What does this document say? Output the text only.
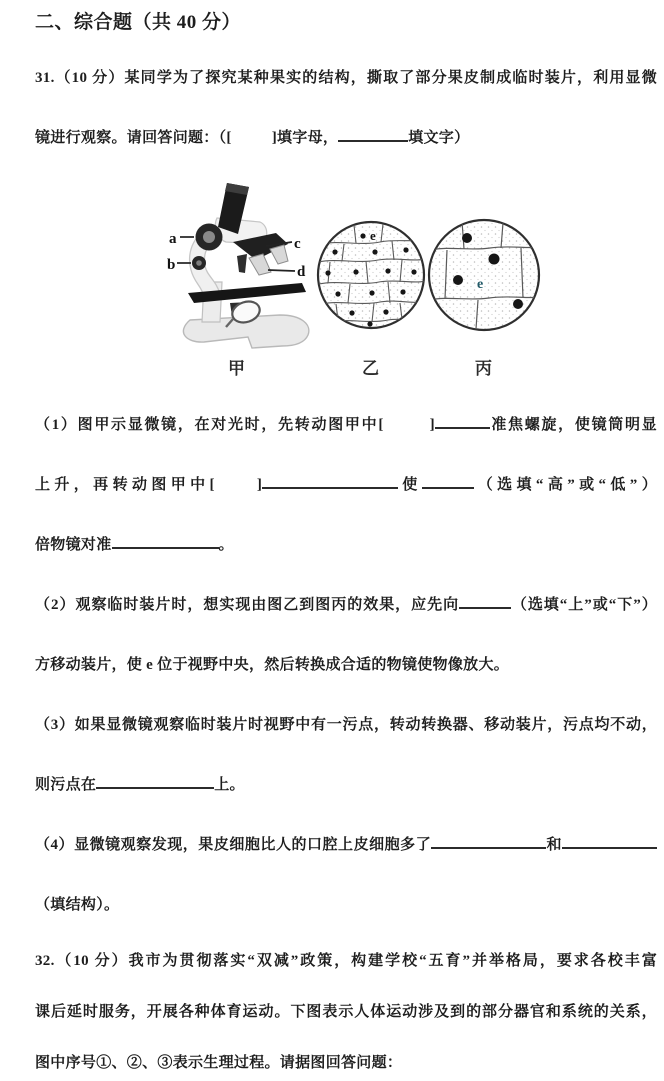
二、综合题（共 40 分）

31.（10 分）某同学为了探究某种果实的结构，撕取了部分果皮制成临时装片，利用显微

镜进行观察。请回答问题：（[	]填字母，	填文字）

a
b
c
d
e
e
甲	乙	丙

（1）图甲示显微镜，在对光时，先转动图甲中[	]	准焦螺旋，使镜筒明显

上升，再转动图甲中[	]	使	（选填“高”或“低”）

倍物镜对准	。

（2）观察临时装片时，想实现由图乙到图丙的效果，应先向	（选填“上”或“下”）

方移动装片，使 e 位于视野中央，然后转换成合适的物镜使物像放大。

（3）如果显微镜观察临时装片时视野中有一污点，转动转换器、移动装片，污点均不动，

则污点在	上。

（4）显微镜观察发现，果皮细胞比人的口腔上皮细胞多了	和

（填结构）。

32.（10 分）我市为贯彻落实“双减”政策，构建学校“五育”并举格局，要求各校丰富

课后延时服务，开展各种体育运动。下图表示人体运动涉及到的部分器官和系统的关系，

图中序号①、②、③表示生理过程。请据图回答问题：
